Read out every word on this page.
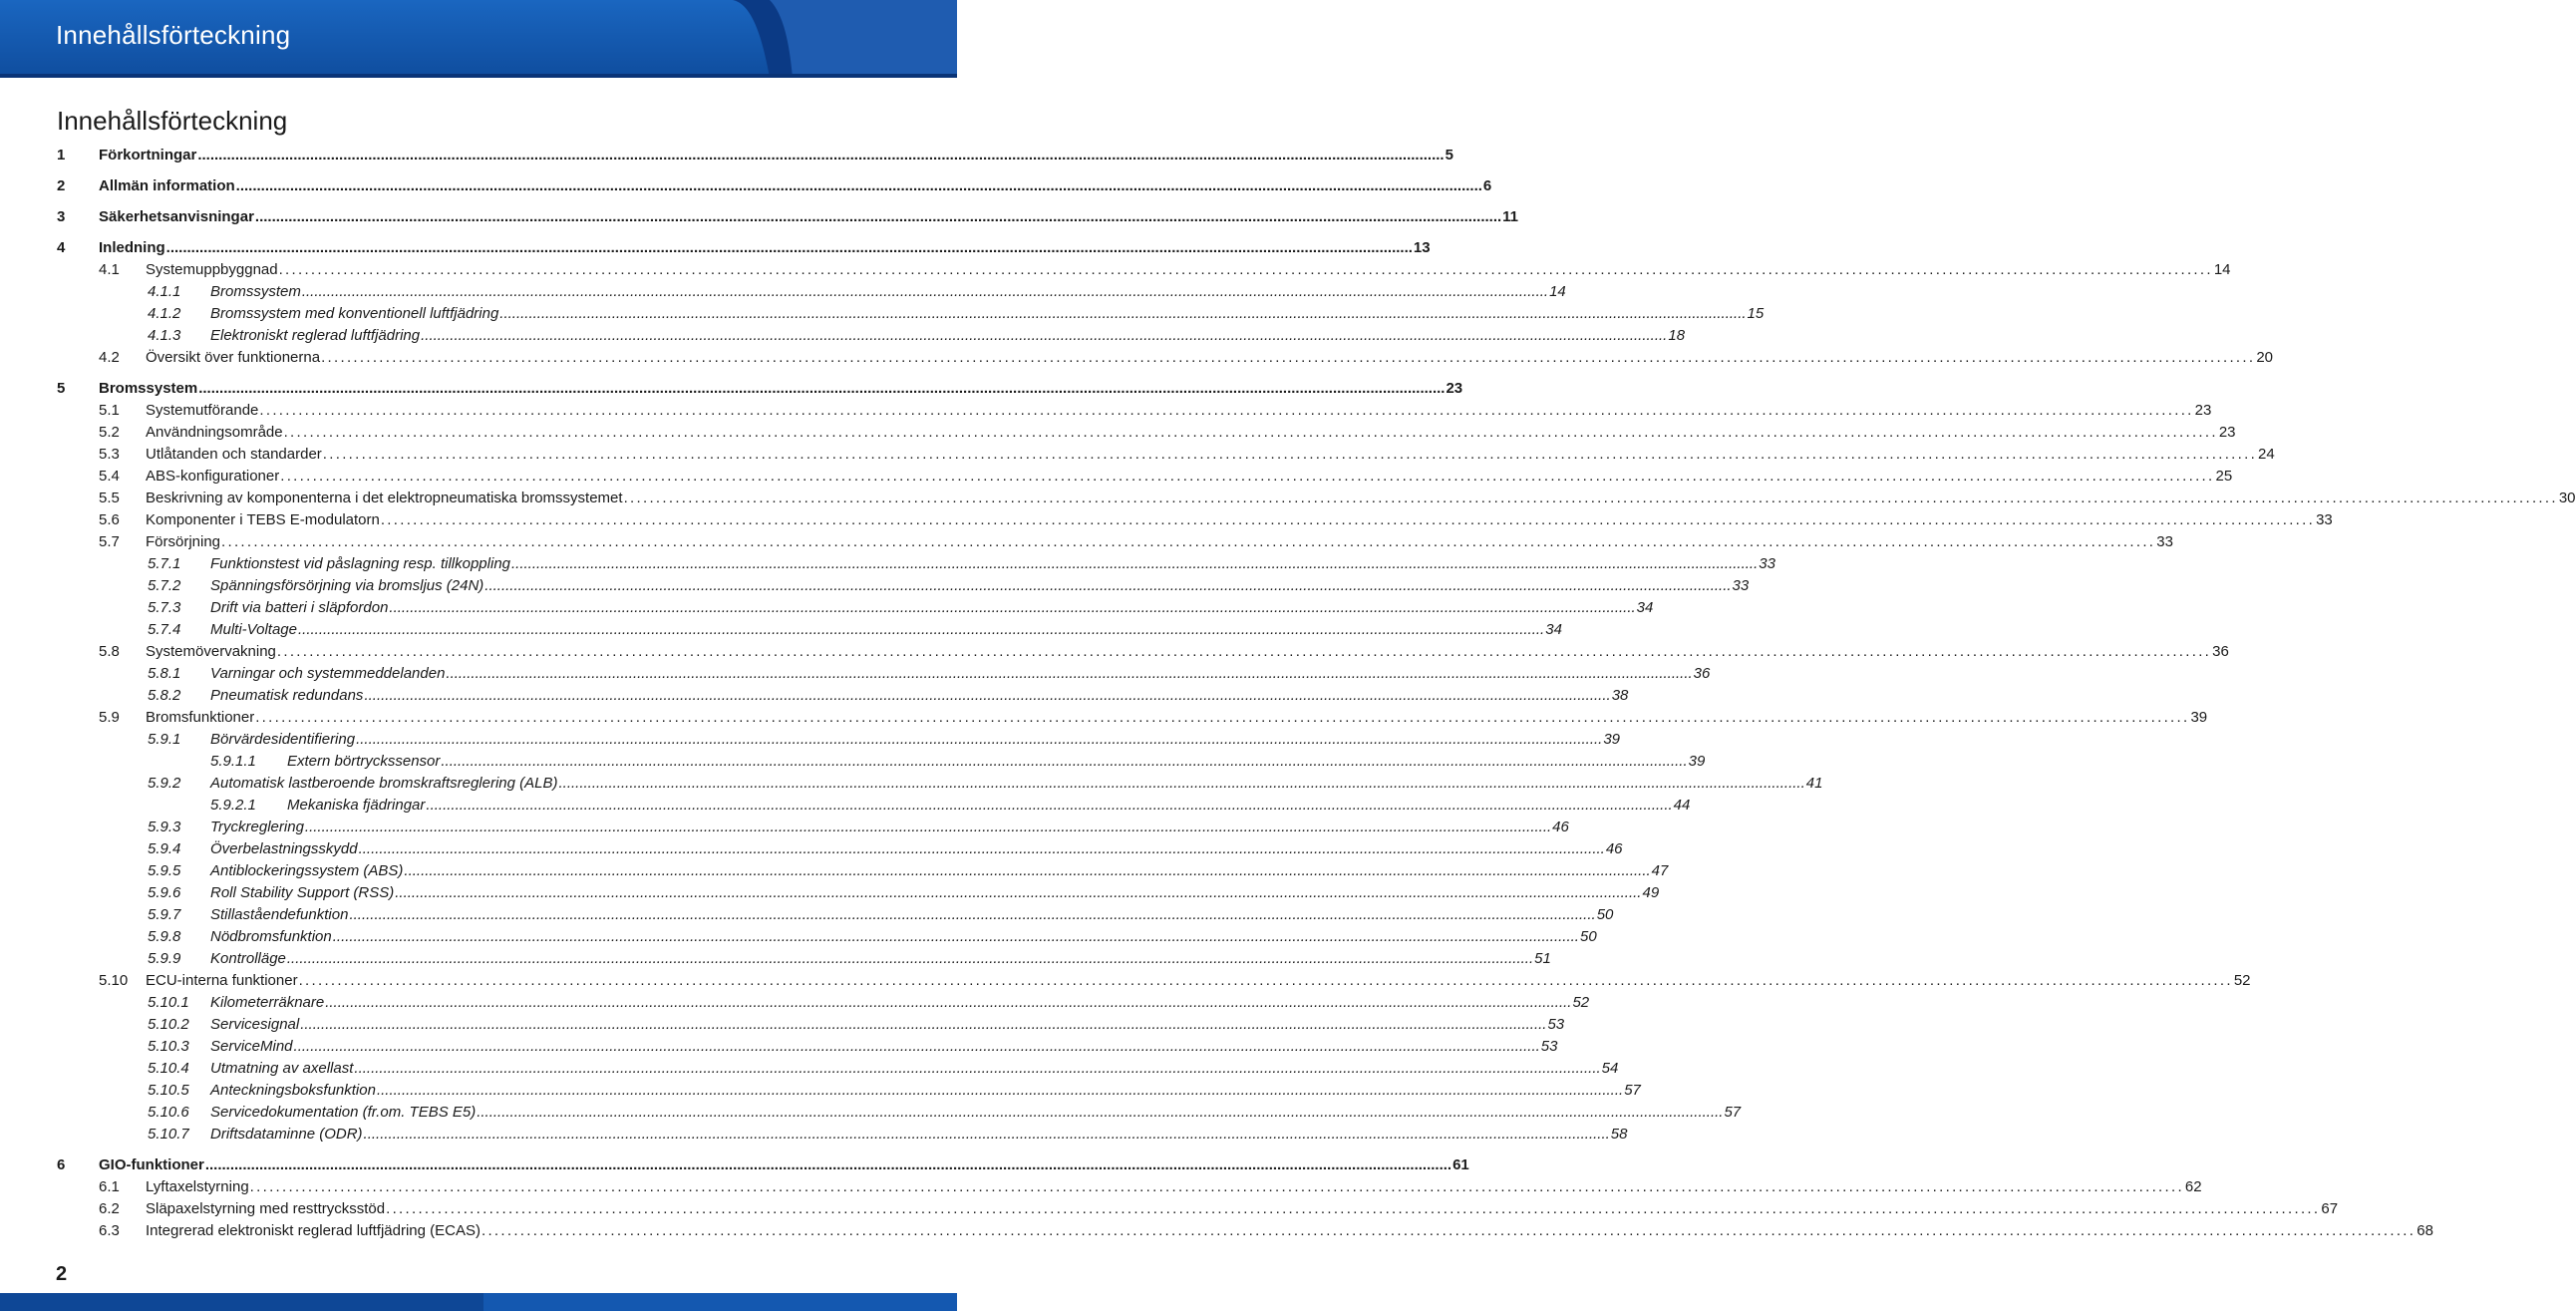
Innehållsförteckning
Innehållsförteckning
1 Förkortningar ............................................................................................................................................................................................................................................................................................................ 5
2 Allmän information ............................................................................................................................................................................................................................................................................................................ 6
3 Säkerhetsanvisningar ............................................................................................................................................................................................................................................................................................................ 11
4 Inledning ............................................................................................................................................................................................................................................................................................................ 13
4.1 Systemuppbyggnad ............................................................................................................................................................................................................................................................................................................ 14
4.1.1 Bromssystem ............................................................................................................................................................................................................................................................................................................ 14
4.1.2 Bromssystem med konventionell luftfjädring ............................................................................................................................................................................................................................................................................................................ 15
4.1.3 Elektroniskt reglerad luftfjädring ............................................................................................................................................................................................................................................................................................................ 18
4.2 Översikt över funktionerna ............................................................................................................................................................................................................................................................................................................ 20
5 Bromssystem ............................................................................................................................................................................................................................................................................................................ 23
5.1 Systemutförande ............................................................................................................................................................................................................................................................................................................ 23
5.2 Användningsområde ............................................................................................................................................................................................................................................................................................................ 23
5.3 Utlåtanden och standarder ............................................................................................................................................................................................................................................................................................................ 24
5.4 ABS-konfigurationer ............................................................................................................................................................................................................................................................................................................ 25
5.5 Beskrivning av komponenterna i det elektropneumatiska bromssystemet ............................................................................................................................................................................................................................................................................................................ 30
5.6 Komponenter i TEBS E-modulatorn ............................................................................................................................................................................................................................................................................................................ 33
5.7 Försörjning ............................................................................................................................................................................................................................................................................................................ 33
5.7.1 Funktionstest vid påslagning resp. tillkoppling ............................................................................................................................................................................................................................................................................................................ 33
5.7.2 Spänningsförsörjning via bromsljus (24N) ............................................................................................................................................................................................................................................................................................................ 33
5.7.3 Drift via batteri i släpfordon ............................................................................................................................................................................................................................................................................................................ 34
5.7.4 Multi-Voltage ............................................................................................................................................................................................................................................................................................................ 34
5.8 Systemövervakning ............................................................................................................................................................................................................................................................................................................ 36
5.8.1 Varningar och systemmeddelanden ............................................................................................................................................................................................................................................................................................................ 36
5.8.2 Pneumatisk redundans ............................................................................................................................................................................................................................................................................................................ 38
5.9 Bromsfunktioner ............................................................................................................................................................................................................................................................................................................ 39
5.9.1 Börvärdesidentifiering ............................................................................................................................................................................................................................................................................................................ 39
5.9.1.1 Extern börtryckssensor ............................................................................................................................................................................................................................................................................................................ 39
5.9.2 Automatisk lastberoende bromskraftsreglering (ALB) ............................................................................................................................................................................................................................................................................................................ 41
5.9.2.1 Mekaniska fjädringar ............................................................................................................................................................................................................................................................................................................ 44
5.9.3 Tryckreglering ............................................................................................................................................................................................................................................................................................................ 46
5.9.4 Överbelastningsskydd ............................................................................................................................................................................................................................................................................................................ 46
5.9.5 Antiblockeringssystem (ABS) ............................................................................................................................................................................................................................................................................................................ 47
5.9.6 Roll Stability Support (RSS) ............................................................................................................................................................................................................................................................................................................ 49
5.9.7 Stillaståendefunktion ............................................................................................................................................................................................................................................................................................................ 50
5.9.8 Nödbromsfunktion ............................................................................................................................................................................................................................................................................................................ 50
5.9.9 Kontrolläge ............................................................................................................................................................................................................................................................................................................ 51
5.10 ECU-interna funktioner ............................................................................................................................................................................................................................................................................................................ 52
5.10.1 Kilometerräknare ............................................................................................................................................................................................................................................................................................................ 52
5.10.2 Servicesignal ............................................................................................................................................................................................................................................................................................................ 53
5.10.3 ServiceMind ............................................................................................................................................................................................................................................................................................................ 53
5.10.4 Utmatning av axellast ............................................................................................................................................................................................................................................................................................................ 54
5.10.5 Anteckningsboksfunktion ............................................................................................................................................................................................................................................................................................................ 57
5.10.6 Servicedokumentation (fr.om. TEBS E5) ............................................................................................................................................................................................................................................................................................................ 57
5.10.7 Driftsdataminne (ODR) ............................................................................................................................................................................................................................................................................................................ 58
6 GIO-funktioner ............................................................................................................................................................................................................................................................................................................ 61
6.1 Lyftaxelstyrning ............................................................................................................................................................................................................................................................................................................ 62
6.2 Släpaxelstyrning med resttrycksstöd ............................................................................................................................................................................................................................................................................................................ 67
6.3 Integrerad elektroniskt reglerad luftfjädring (ECAS) ............................................................................................................................................................................................................................................................................................................ 68
2
